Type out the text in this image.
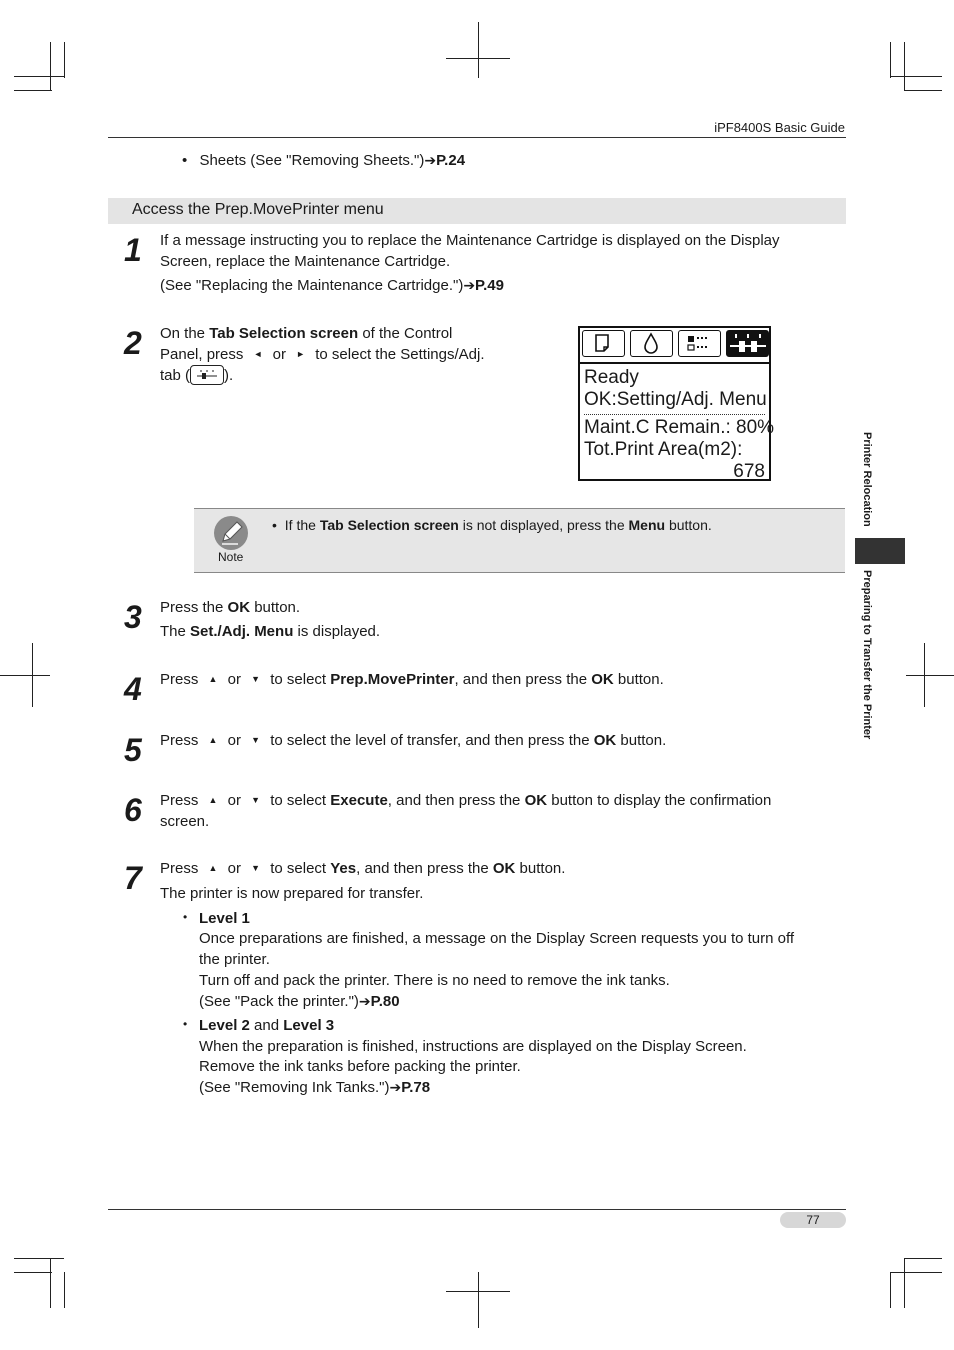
iPF8400S Basic Guide
• Sheets (See "Removing Sheets.")➔P.24
Access the Prep.MovePrinter menu
1 If a message instructing you to replace the Maintenance Cartridge is displayed on the Display
Screen, replace the Maintenance Cartridge.
(See "Replacing the Maintenance Cartridge.")➔P.49
2 On the Tab Selection screen of the Control
Panel, press ◄ or ► to select the Settings/Adj.
tab ( ).	Ready
OK:Setting/Adj. Menu
Maint.C Remain.: 80%
Tot.Print Area(m2):
678
Note
• If the Tab Selection screen is not displayed, press the Menu button.
3 Press the OK button.
The Set./Adj. Menu is displayed.
4 Press ▲ or ▼ to select Prep.MovePrinter, and then press the OK button.
5 Press ▲ or ▼ to select the level of transfer, and then press the OK button.
6 Press ▲ or ▼ to select Execute, and then press the OK button to display the confirmation
screen.
7 Press ▲ or ▼ to select Yes, and then press the OK button.
The printer is now prepared for transfer.
• Level 1
Once preparations are finished, a message on the Display Screen requests you to turn off
the printer.
Turn off and pack the printer. There is no need to remove the ink tanks.
(See "Pack the printer.")➔P.80
• Level 2 and Level 3
When the preparation is finished, instructions are displayed on the Display Screen.
Remove the ink tanks before packing the printer.
(See "Removing Ink Tanks.")➔P.78
Printer Relocation
Preparing to Transfer the Printer
77
